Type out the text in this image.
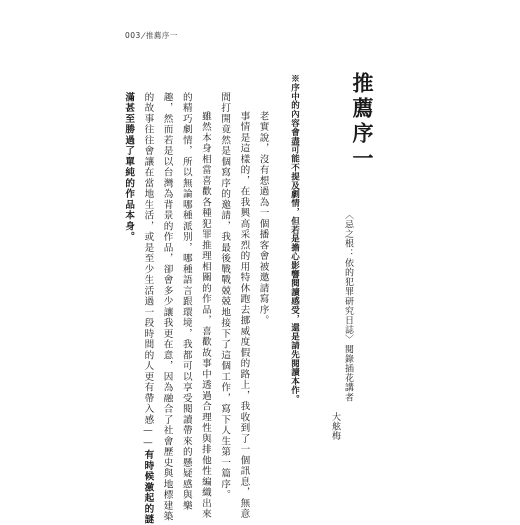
003/推薦序一
推薦序一
〈忌之根：依的犯罪研究日誌〉閱錄插花講者
大舷梅
※序中的內容會盡可能不提及劇情，但若是擔心影響閱讀感受，還是請先閱讀本作。
老實說，沒有想過為一個播客會被邀請寫序。
事情是這樣的，在我興高采烈的用特休跑去挪威度假的路上，我收到了一個訊息，無意
間打開竟然是個寫序的邀請，我最後戰戰兢兢地接下了這個工作，寫下人生第一篇序。
雖然本身相當喜歡各種犯罪推理相關的作品，喜歡故事中透過合理性與排他性編織出來
的精巧劇情，所以無論哪種派別，哪種語言跟環境，我都可以享受閱讀帶來的懸疑感與樂
趣，然而若是以台灣為背景的作品，卻會多少讓我更在意，因為融合了社會歷史與地標建築
的故事往往會讓在當地生活，或是至少生活過一段時間的人更有帶入感——有時候激起的謎
滿甚至勝過了單純的作品本身。
